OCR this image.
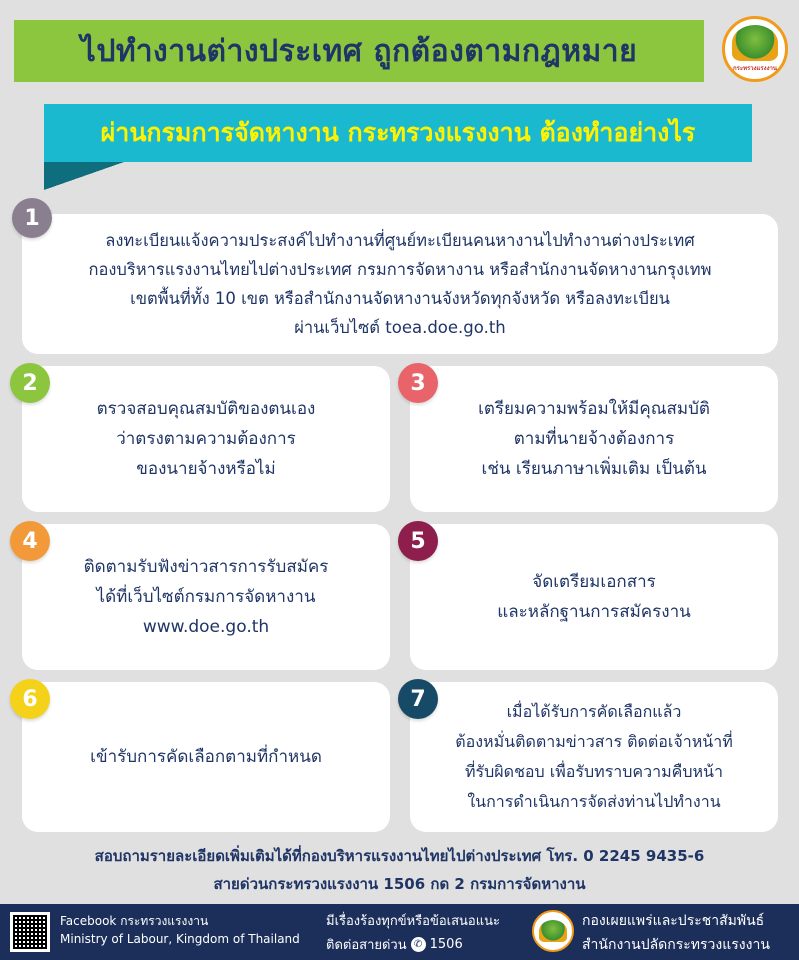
ไปทำงานต่างประเทศ ถูกต้องตามกฎหมาย
ผ่านกรมการจัดหางาน กระทรวงแรงงาน ต้องทำอย่างไร
กระทรวงแรงงาน
ลงทะเบียนแจ้งความประสงค์ไปทำงานที่ศูนย์ทะเบียนคนหางานไปทำงานต่างประเทศ
กองบริหารแรงงานไทยไปต่างประเทศ กรมการจัดหางาน หรือสำนักงานจัดหางานกรุงเทพ
เขตพื้นที่ทั้ง 10 เขต หรือสำนักงานจัดหางานจังหวัดทุกจังหวัด หรือลงทะเบียน
ผ่านเว็บไซต์ toea.doe.go.th
1
ตรวจสอบคุณสมบัติของตนเอง
ว่าตรงตามความต้องการ
ของนายจ้างหรือไม่
2
เตรียมความพร้อมให้มีคุณสมบัติ
ตามที่นายจ้างต้องการ
เช่น เรียนภาษาเพิ่มเติม เป็นต้น
3
ติดตามรับฟังข่าวสารการรับสมัคร
ได้ที่เว็บไซต์กรมการจัดหางาน
www.doe.go.th
4
จัดเตรียมเอกสาร
และหลักฐานการสมัครงาน
5
เข้ารับการคัดเลือกตามที่กำหนด
6	เมื่อได้รับการคัดเลือกแล้ว
ต้องหมั่นติดตามข่าวสาร ติดต่อเจ้าหน้าที่
ที่รับผิดชอบ เพื่อรับทราบความคืบหน้า
ในการดำเนินการจัดส่งท่านไปทำงาน
7
สอบถามรายละเอียดเพิ่มเติมได้ที่กองบริหารแรงงานไทยไปต่างประเทศ โทร. 0 2245 9435-6
สายด่วนกระทรวงแรงงาน 1506 กด 2 กรมการจัดหางาน
Facebook กระทรวงแรงงาน
Ministry of Labour, Kingdom of Thailand
มีเรื่องร้องทุกข์หรือข้อเสนอแนะ
ติดต่อสายด่วน ✆ 1506
กองเผยแพร่และประชาสัมพันธ์
สำนักงานปลัดกระทรวงแรงงาน
